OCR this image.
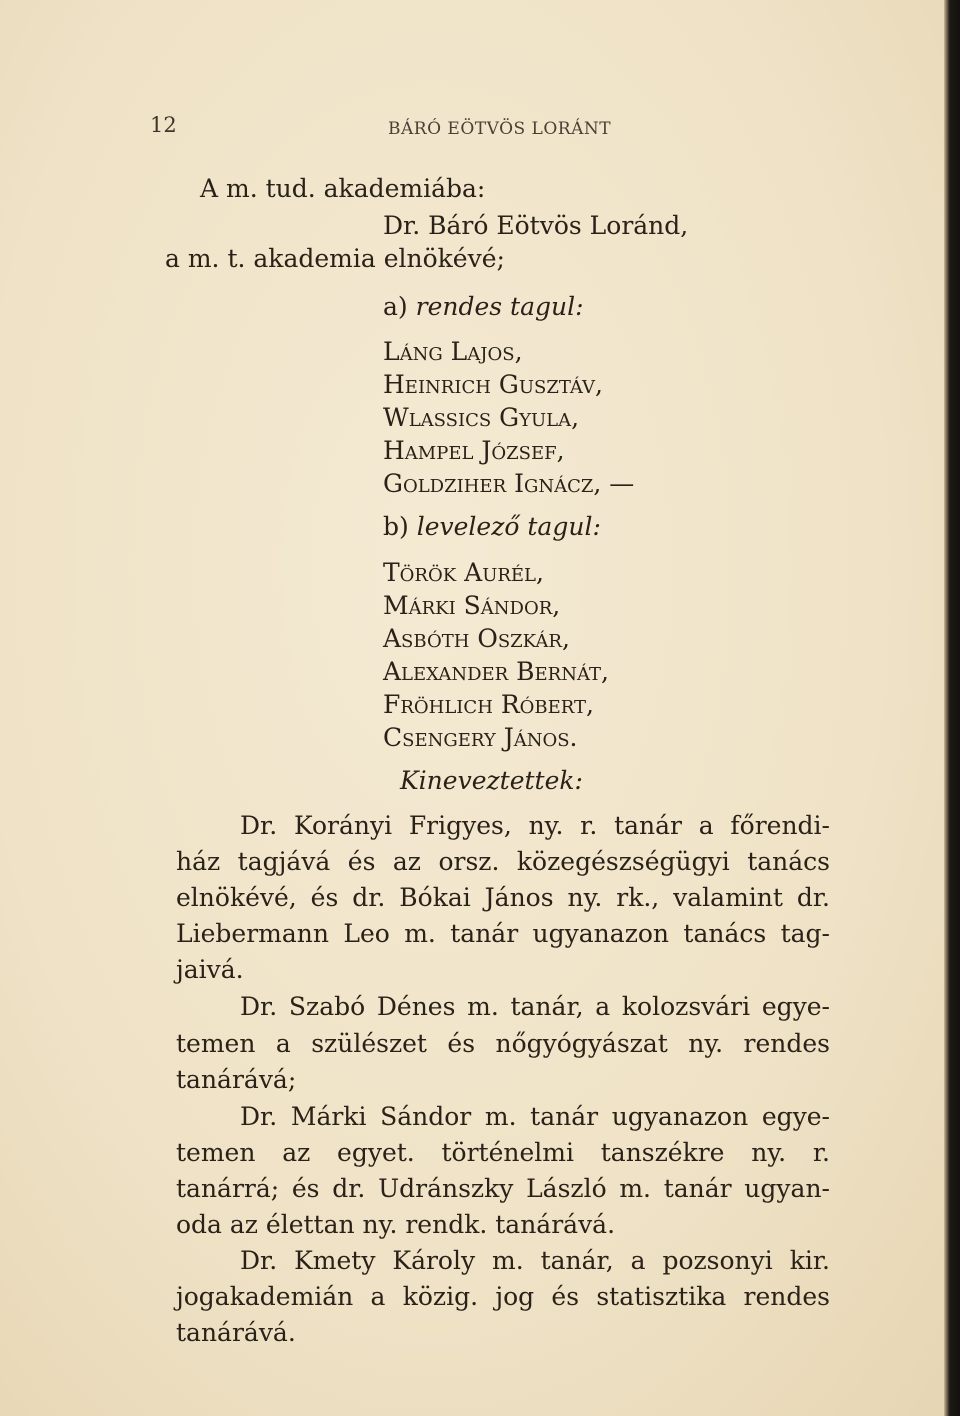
12	BÁRÓ EÖTVÖS LORÁNT
A m. tud. akademiába:
Dr. Báró Eötvös Loránd,
a m. t. akademia elnökévé;
a) rendes tagul:
Láng Lajos,
Heinrich Gusztáv,
Wlassics Gyula,
Hampel József,
Goldziher Ignácz, —
b) levelező tagul:
Török Aurél,
Márki Sándor,
Asbóth Oszkár,
Alexander Bernát,
Fröhlich Róbert,
Csengery János.
Kineveztettek:
Dr. Korányi Frigyes, ny. r. tanár a főrendi-
ház tagjává és az orsz. közegészségügyi tanács
elnökévé, és dr. Bókai János ny. rk., valamint dr.
Liebermann Leo m. tanár ugyanazon tanács tag-
jaivá.
Dr. Szabó Dénes m. tanár, a kolozsvári egye-
temen a szülészet és nőgyógyászat ny. rendes
tanárává;
Dr. Márki Sándor m. tanár ugyanazon egye-
temen az egyet. történelmi tanszékre ny. r.
tanárrá; és dr. Udránszky László m. tanár ugyan-
oda az élettan ny. rendk. tanárává.
Dr. Kmety Károly m. tanár, a pozsonyi kir.
jogakademián a közig. jog és statisztika rendes
tanárává.
